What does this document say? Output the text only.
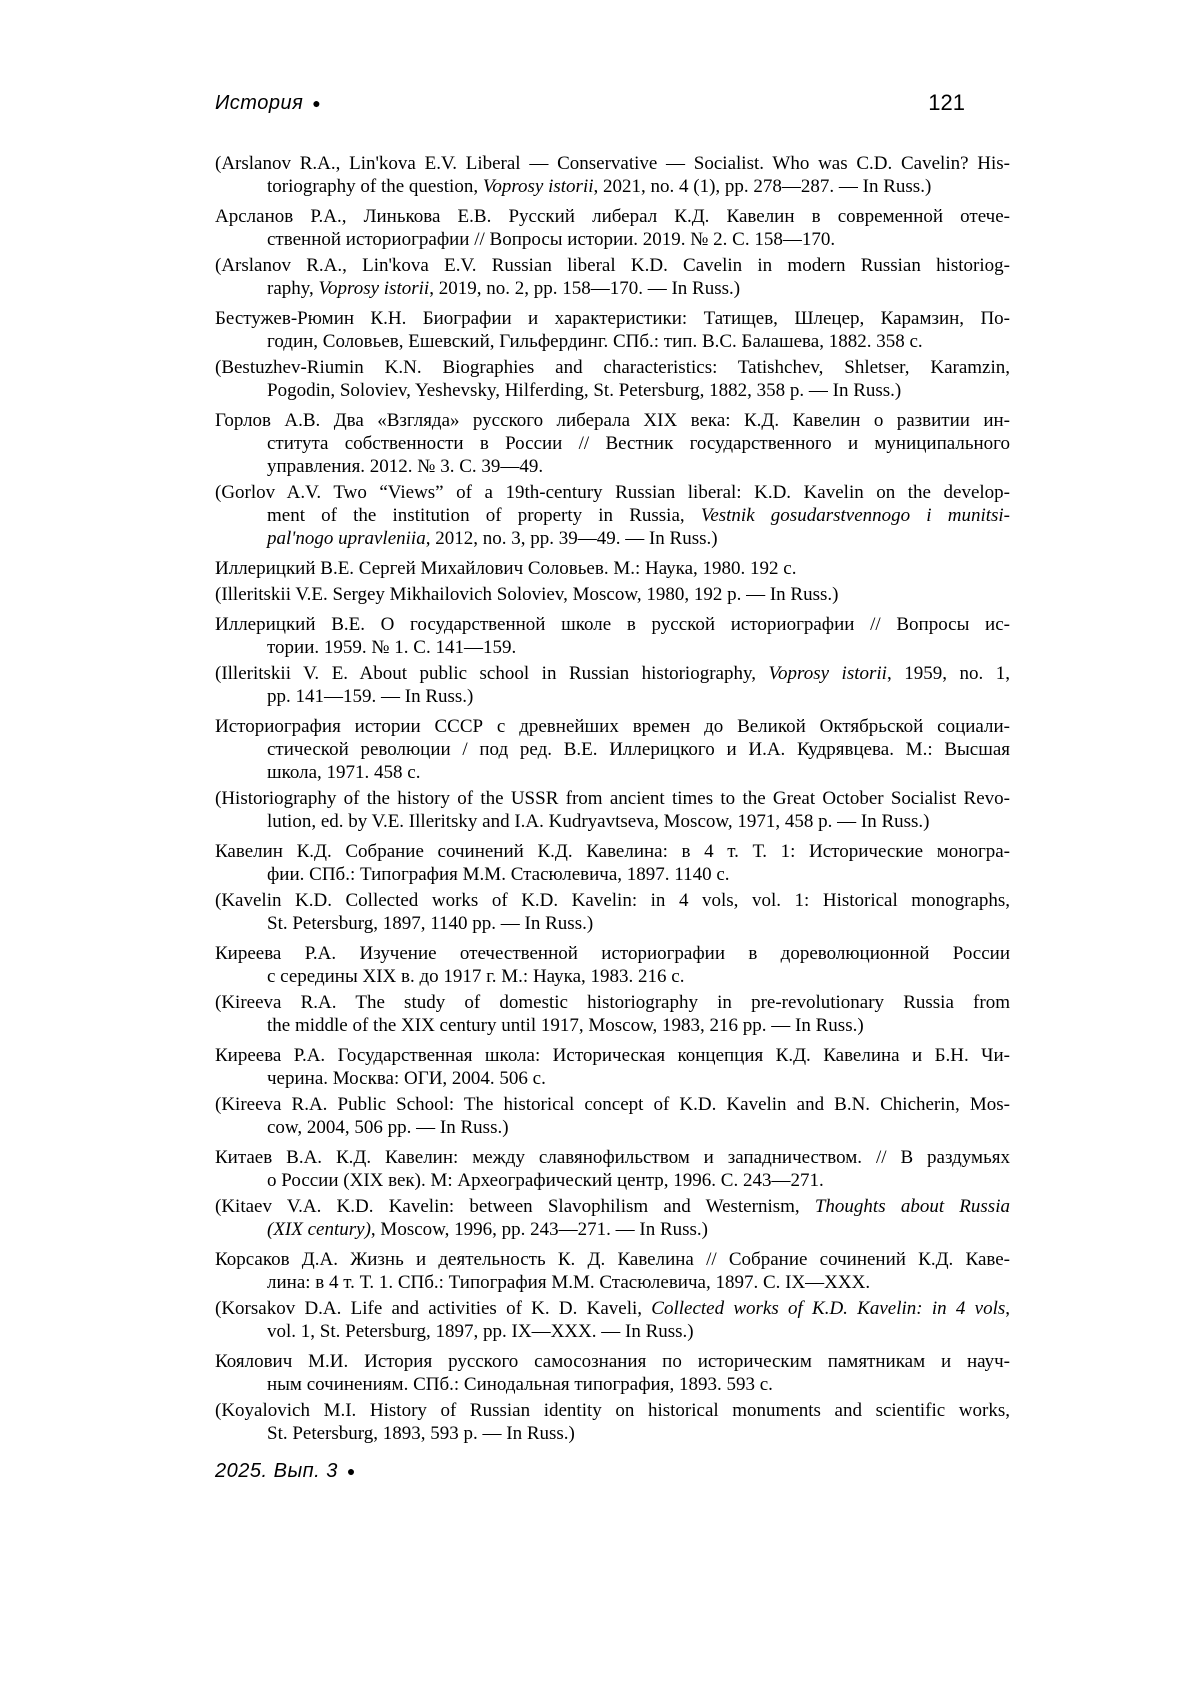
История ●	121
(Arslanov R.A., Lin'kova E.V. Liberal — Conservative — Socialist. Who was C.D. Cavelin? His-
toriography of the question, Voprosy istorii, 2021, no. 4 (1), pp. 278—287. — In Russ.)
Арсланов Р.А., Линькова Е.В. Русский либерал К.Д. Кавелин в современной отече-
ственной историографии // Вопросы истории. 2019. № 2. С. 158—170.
(Arslanov R.A., Lin'kova E.V. Russian liberal K.D. Cavelin in modern Russian historiog-
raphy, Voprosy istorii, 2019, no. 2, pp. 158—170. — In Russ.)
Бестужев-Рюмин К.Н. Биографии и характеристики: Татищев, Шлецер, Карамзин, По-
годин, Соловьев, Ешевский, Гильфердинг. СПб.: тип. В.С. Балашева, 1882. 358 с.
(Bestuzhev-Riumin K.N. Biographies and characteristics: Tatishchev, Shletser, Karamzin,
Pogodin, Soloviev, Yeshevsky, Hilferding, St. Petersburg, 1882, 358 p. — In Russ.)
Горлов А.В. Два «Взгляда» русского либерала XIX века: К.Д. Кавелин о развитии ин-
ститута собственности в России // Вестник государственного и муниципального
управления. 2012. № 3. С. 39—49.
(Gorlov A.V. Two “Views” of a 19th-century Russian liberal: K.D. Kavelin on the develop-
ment of the institution of property in Russia, Vestnik gosudarstvennogo i munitsi-
pal'nogo upravleniia, 2012, no. 3, pp. 39—49. — In Russ.)
Иллерицкий В.Е. Сергей Михайлович Соловьев. М.: Наука, 1980. 192 с.
(Illeritskii V.E. Sergey Mikhailovich Soloviev, Moscow, 1980, 192 p. — In Russ.)
Иллерицкий В.Е. О государственной школе в русской историографии // Вопросы ис-
тории. 1959. № 1. С. 141—159.
(Illeritskii V. E. About public school in Russian historiography, Voprosy istorii, 1959, no. 1,
pp. 141—159. — In Russ.)
Историография истории СССР с древнейших времен до Великой Октябрьской социали-
стической революции / под ред. В.Е. Иллерицкого и И.А. Кудрявцева. М.: Высшая
школа, 1971. 458 с.
(Historiography of the history of the USSR from ancient times to the Great October Socialist Revo-
lution, ed. by V.E. Illeritsky and I.A. Kudryavtseva, Moscow, 1971, 458 p. — In Russ.)
Кавелин К.Д. Собрание сочинений К.Д. Кавелина: в 4 т. Т. 1: Исторические моногра-
фии. СПб.: Типография М.М. Стасюлевича, 1897. 1140 с.
(Kavelin K.D. Collected works of K.D. Kavelin: in 4 vols, vol. 1: Historical monographs,
St. Petersburg, 1897, 1140 pp. — In Russ.)
Киреева Р.А. Изучение отечественной историографии в дореволюционной России
с середины XIX в. до 1917 г. М.: Наука, 1983. 216 с.
(Kireeva R.A. The study of domestic historiography in pre-revolutionary Russia from
the middle of the XIX century until 1917, Moscow, 1983, 216 pp. — In Russ.)
Киреева Р.А. Государственная школа: Историческая концепция К.Д. Кавелина и Б.Н. Чи-
черина. Москва: ОГИ, 2004. 506 с.
(Kireeva R.A. Public School: The historical concept of K.D. Kavelin and B.N. Chicherin, Mos-
cow, 2004, 506 pp. — In Russ.)
Китаев В.А. К.Д. Кавелин: между славянофильством и западничеством. // В раздумьях
о России (XIX век). М: Археографический центр, 1996. С. 243—271.
(Kitaev V.A. K.D. Kavelin: between Slavophilism and Westernism, Thoughts about Russia
(XIX century), Moscow, 1996, pp. 243—271. — In Russ.)
Корсаков Д.А. Жизнь и деятельность К. Д. Кавелина // Собрание сочинений К.Д. Каве-
лина: в 4 т. Т. 1. СПб.: Типография М.М. Стасюлевича, 1897. С. IX—XXX.
(Korsakov D.A. Life and activities of K. D. Kaveli, Collected works of K.D. Kavelin: in 4 vols,
vol. 1, St. Petersburg, 1897, pp. IX—XXX. — In Russ.)
Коялович М.И. История русского самосознания по историческим памятникам и науч-
ным сочинениям. СПб.: Синодальная типография, 1893. 593 с.
(Koyalovich M.I. History of Russian identity on historical monuments and scientific works,
St. Petersburg, 1893, 593 p. — In Russ.)
2025. Вып. 3 ●
